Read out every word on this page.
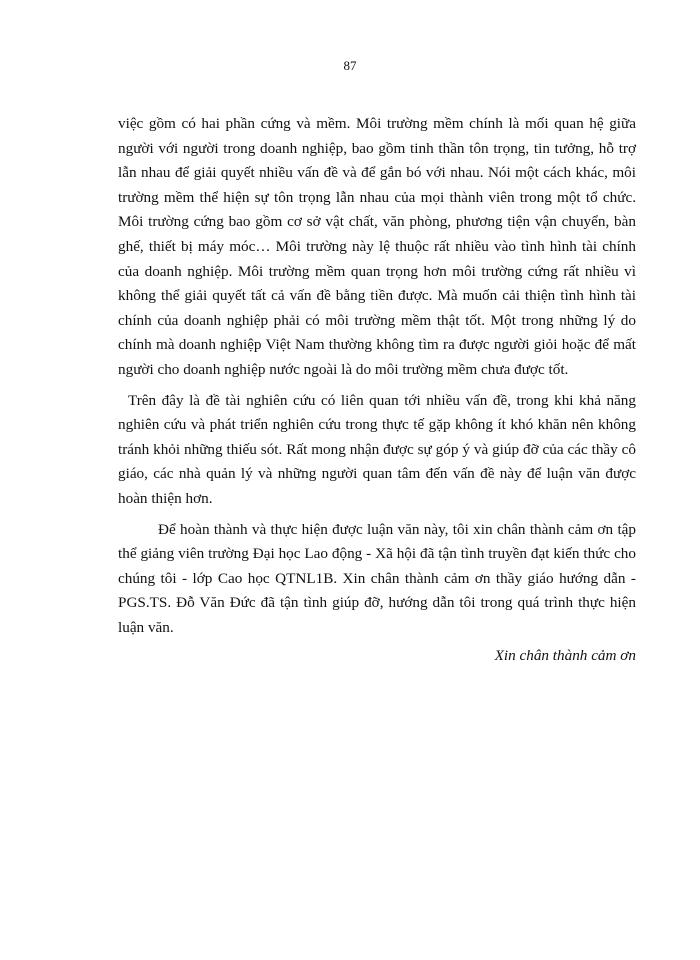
87

việc gồm có hai phần cứng và mềm. Môi trường mềm chính là mối quan hệ giữa người với người trong doanh nghiệp, bao gồm tinh thần tôn trọng, tin tưởng, hỗ trợ lẫn nhau để giải quyết nhiều vấn đề và để gắn bó với nhau. Nói một cách khác, môi trường mềm thể hiện sự tôn trọng lẫn nhau của mọi thành viên trong một tổ chức. Môi trường cứng bao gồm cơ sở vật chất, văn phòng, phương tiện vận chuyển, bàn ghế, thiết bị máy móc… Môi trường này lệ thuộc rất nhiều vào tình hình tài chính của doanh nghiệp. Môi trường mềm quan trọng hơn môi trường cứng rất nhiều vì không thể giải quyết tất cả vấn đề bằng tiền được. Mà muốn cải thiện tình hình tài chính của doanh nghiệp phải có môi trường mềm thật tốt. Một trong những lý do chính mà doanh nghiệp Việt Nam thường không tìm ra được người giỏi hoặc để mất người cho doanh nghiệp nước ngoài là do môi trường mềm chưa được tốt.

Trên đây là đề tài nghiên cứu có liên quan tới nhiều vấn đề, trong khi khả năng nghiên cứu và phát triển nghiên cứu trong thực tế gặp không ít khó khăn nên không tránh khỏi những thiếu sót. Rất mong nhận được sự góp ý và giúp đỡ của các thầy cô giáo, các nhà quản lý và những người quan tâm đến vấn đề này để luận văn được hoàn thiện hơn.

Để hoàn thành và thực hiện được luận văn này, tôi xin chân thành cảm ơn tập thể giảng viên trường Đại học Lao động - Xã hội đã tận tình truyền đạt kiến thức cho chúng tôi - lớp Cao học QTNL1B. Xin chân thành cảm ơn thầy giáo hướng dẫn - PGS.TS. Đỗ Văn Đức đã tận tình giúp đỡ, hướng dẫn tôi trong quá trình thực hiện luận văn.

Xin chân thành cảm ơn
